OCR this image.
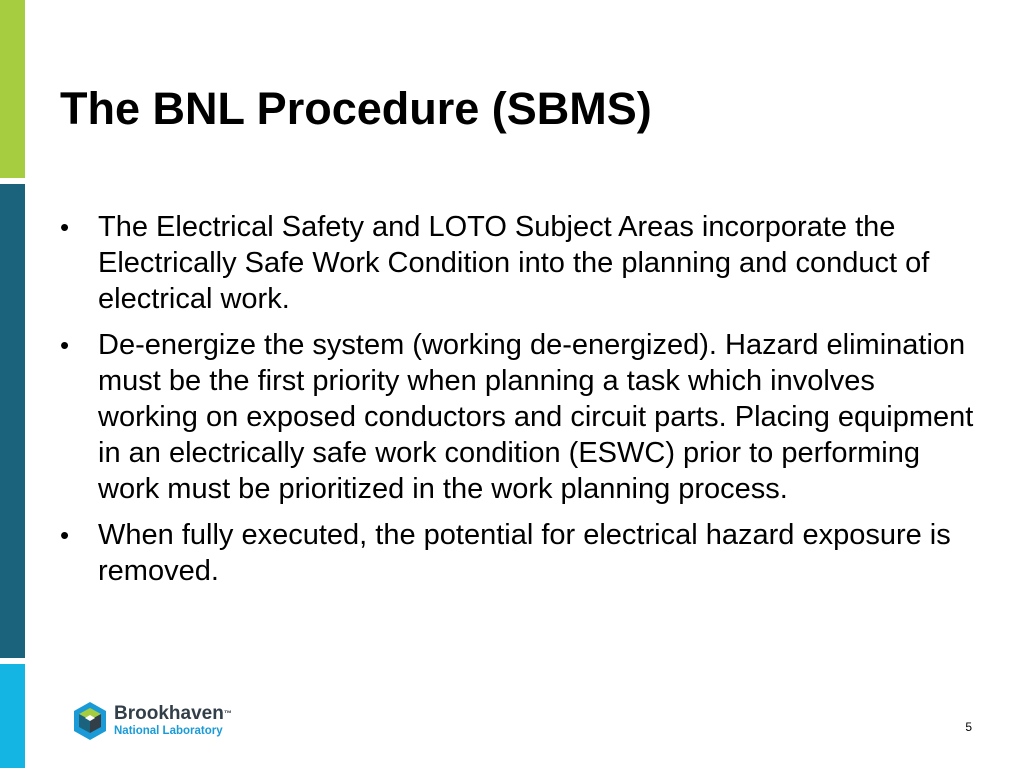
The BNL Procedure (SBMS)
• The Electrical Safety and LOTO Subject Areas incorporate the Electrically Safe Work Condition into the planning and conduct of electrical work.
• De-energize the system (working de-energized). Hazard elimination must be the first priority when planning a task which involves working on exposed conductors and circuit parts. Placing equipment in an electrically safe work condition (ESWC) prior to performing work must be prioritized in the work planning process.
• When fully executed, the potential for electrical hazard exposure is removed.
Brookhaven™
National Laboratory	5
